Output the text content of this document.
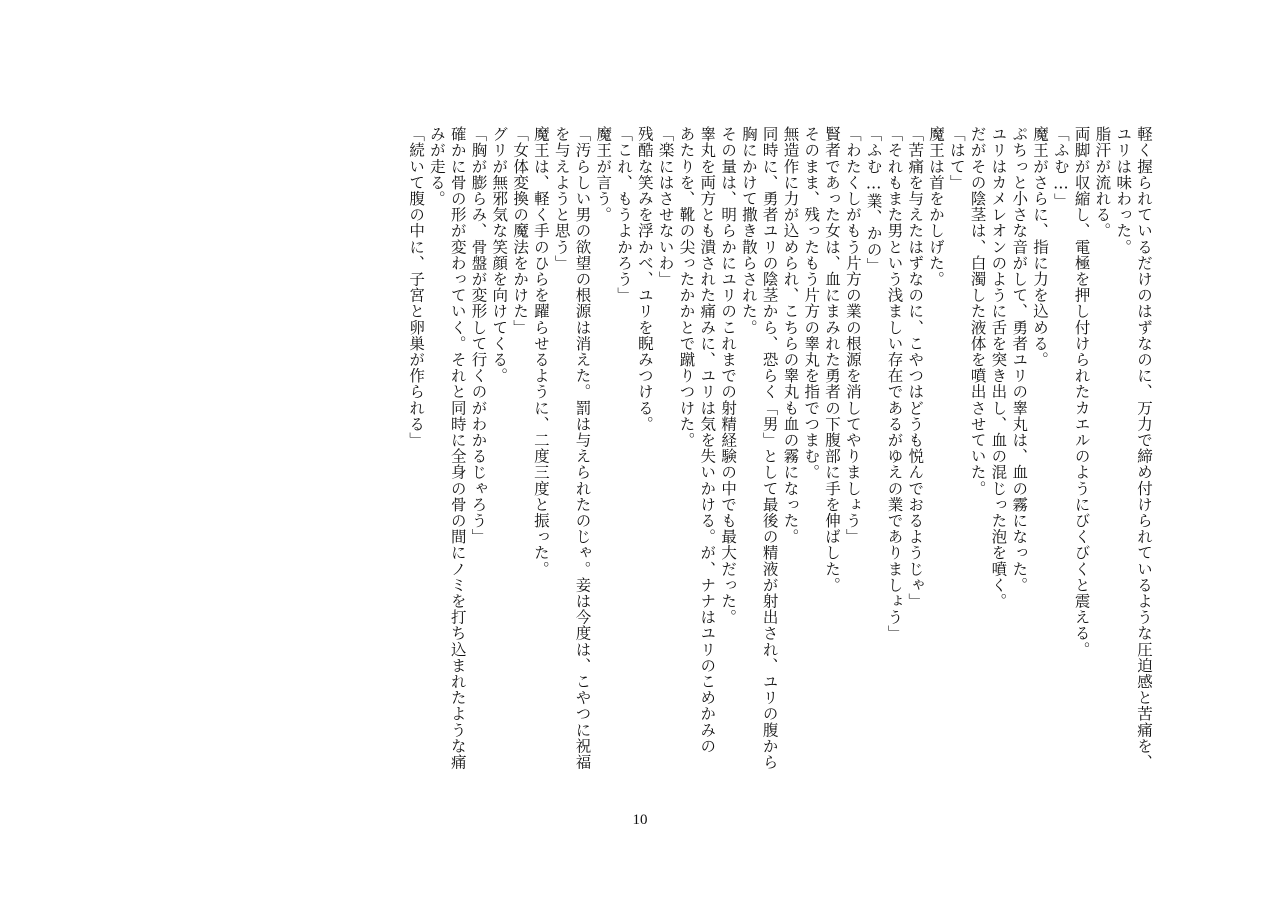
軽く握られているだけのはずなのに、万力で締め付けられているような圧迫感と苦痛を、
ユリは味わった。
脂汗が流れる。
両脚が収縮し、電極を押し付けられたカエルのようにびくびくと震える。
「ふむ…」
魔王がさらに、指に力を込める。
ぷちっと小さな音がして、勇者ユリの睾丸は、血の霧になった。
ユリはカメレオンのように舌を突き出し、血の混じった泡を噴く。
だがその陰茎は、白濁した液体を噴出させていた。
「はて」
魔王は首をかしげた。
「苦痛を与えたはずなのに、こやつはどうも悦んでおるようじゃ」
「それもまた男という浅ましい存在であるがゆえの業でありましょう」
「ふむ…業、かの」
「わたくしがもう片方の業の根源を消してやりましょう」
賢者であった女は、血にまみれた勇者の下腹部に手を伸ばした。
そのまま、残ったもう片方の睾丸を指でつまむ。
無造作に力が込められ、こちらの睾丸も血の霧になった。
同時に、勇者ユリの陰茎から、恐らく「男」として最後の精液が射出され、ユリの腹から
胸にかけて撒き散らされた。
その量は、明らかにユリのこれまでの射精経験の中でも最大だった。
睾丸を両方とも潰された痛みに、ユリは気を失いかける。が、ナナはユリのこめかみの
あたりを、靴の尖ったかかとで蹴りつけた。
「楽にはさせないわ」
残酷な笑みを浮かべ、ユリを睨みつける。
「これ、もうよかろう」
魔王が言う。
「汚らしい男の欲望の根源は消えた。罰は与えられたのじゃ。妾は今度は、こやつに祝福
を与えようと思う」
魔王は、軽く手のひらを躍らせるように、二度三度と振った。
「女体変換の魔法をかけた」
グリが無邪気な笑顔を向けてくる。
「胸が膨らみ、骨盤が変形して行くのがわかるじゃろう」
確かに骨の形が変わっていく。それと同時に全身の骨の間にノミを打ち込まれたような痛
みが走る。
「続いて腹の中に、子宮と卵巣が作られる」
10
